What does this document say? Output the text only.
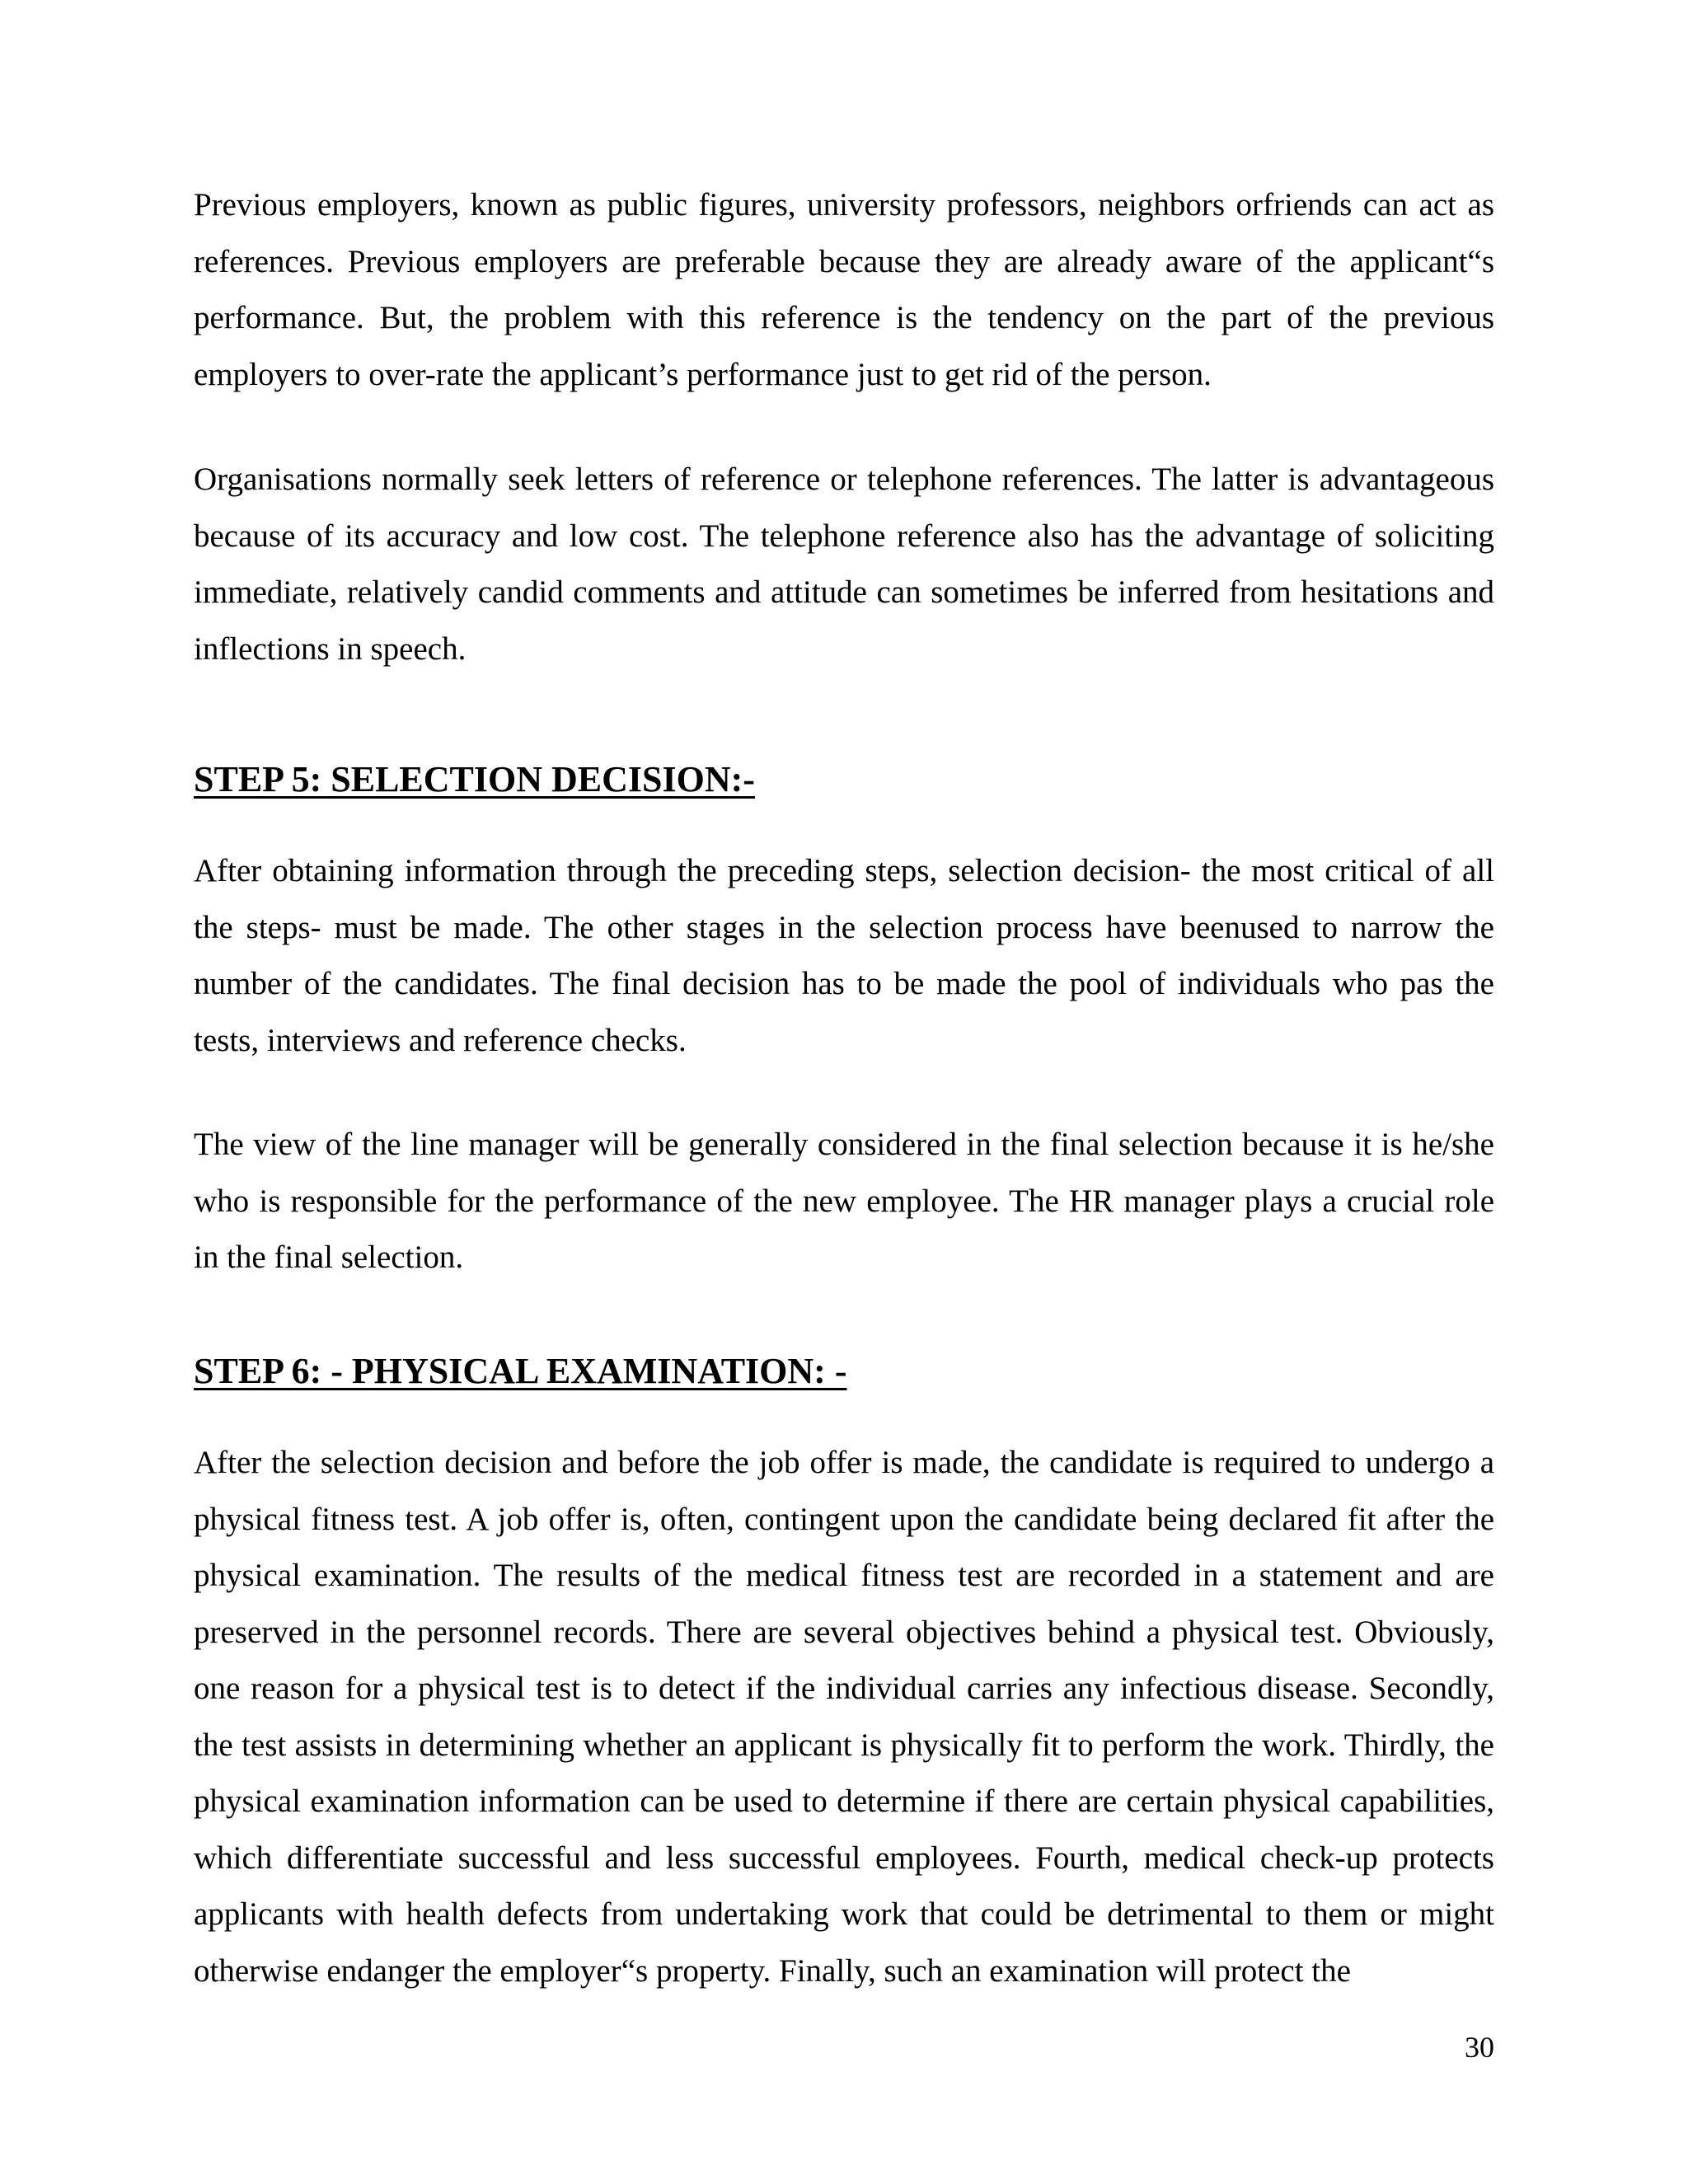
Previous employers, known as public figures, university professors, neighbors orfriends can act as references. Previous employers are preferable because they are already aware of the applicant“s performance. But, the problem with this reference is the tendency on the part of the previous employers to over-rate the applicant’s performance just to get rid of the person.

Organisations normally seek letters of reference or telephone references. The latter is advantageous because of its accuracy and low cost. The telephone reference also has the advantage of soliciting immediate, relatively candid comments and attitude can sometimes be inferred from hesitations and inflections in speech.

STEP 5: SELECTION DECISION:-

After obtaining information through the preceding steps, selection decision- the most critical of all the steps- must be made. The other stages in the selection process have beenused to narrow the number of the candidates. The final decision has to be made the pool of individuals who pas the tests, interviews and reference checks.

The view of the line manager will be generally considered in the final selection because it is he/she who is responsible for the performance of the new employee. The HR manager plays a crucial role in the final selection.

STEP 6: - PHYSICAL EXAMINATION: -

After the selection decision and before the job offer is made, the candidate is required to undergo a physical fitness test. A job offer is, often, contingent upon the candidate being declared fit after the physical examination. The results of the medical fitness test are recorded in a statement and are preserved in the personnel records. There are several objectives behind a physical test. Obviously, one reason for a physical test is to detect if the individual carries any infectious disease. Secondly, the test assists in determining whether an applicant is physically fit to perform the work. Thirdly, the physical examination information can be used to determine if there are certain physical capabilities, which differentiate successful and less successful employees. Fourth, medical check-up protects applicants with health defects from undertaking work that could be detrimental to them or might otherwise endanger the employer“s property. Finally, such an examination will protect the

30
